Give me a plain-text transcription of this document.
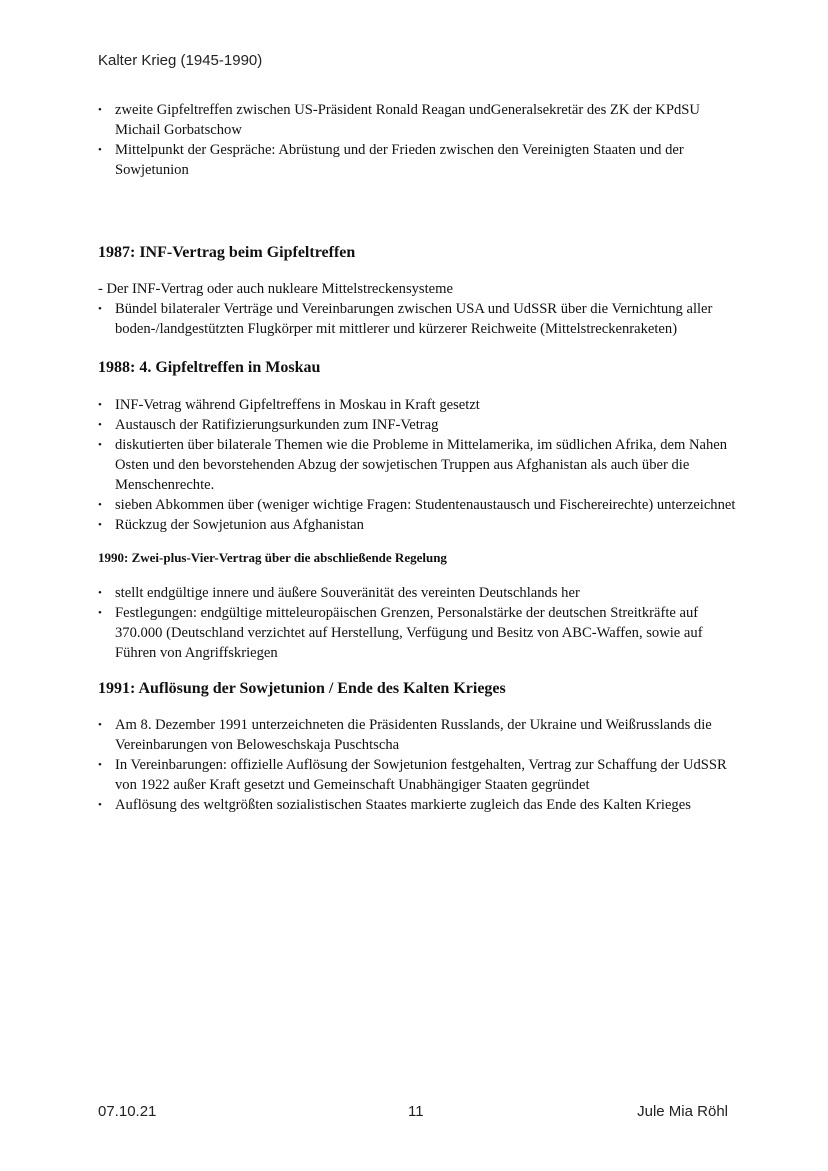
Kalter Krieg (1945-1990)
• zweite Gipfeltreffen zwischen US-Präsident Ronald Reagan undGeneralsekretär des ZK der KPdSU Michail Gorbatschow
• Mittelpunkt der Gespräche: Abrüstung und der Frieden zwischen den Vereinigten Staaten und der Sowjetunion
1987: INF-Vertrag beim Gipfeltreffen

- Der INF-Vertrag oder auch nukleare Mittelstreckensysteme

• Bündel bilateraler Verträge und Vereinbarungen zwischen USA und UdSSR über die Vernichtung aller boden-/landgestützten Flugkörper mit mittlerer und kürzerer Reichweite (Mittelstreckenraketen)
1988: 4. Gipfeltreffen in Moskau
• INF-Vetrag während Gipfeltreffens in Moskau in Kraft gesetzt
• Austausch der Ratifizierungsurkunden zum INF-Vetrag
• diskutierten über bilaterale Themen wie die Probleme in Mittelamerika, im südlichen Afrika, dem Nahen Osten und den bevorstehenden Abzug der sowjetischen Truppen aus Afghanistan als auch über die Menschenrechte.
• sieben Abkommen über (weniger wichtige Fragen: Studentenaustausch und Fischereirechte) unterzeichnet
• Rückzug der Sowjetunion aus Afghanistan
1990: Zwei-plus-Vier-Vertrag über die abschließende Regelung
• stellt endgültige innere und äußere Souveränität des vereinten Deutschlands her
• Festlegungen: endgültige mitteleuropäischen Grenzen, Personalstärke der deutschen Streitkräfte auf 370.000 (Deutschland verzichtet auf Herstellung, Verfügung und Besitz von ABC-Waffen, sowie auf Führen von Angriffskriegen
1991: Auflösung der Sowjetunion / Ende des Kalten Krieges
• Am 8. Dezember 1991 unterzeichneten die Präsidenten Russlands, der Ukraine und Weißrusslands die Vereinbarungen von Beloweschskaja Puschtscha
• In Vereinbarungen: offizielle Auflösung der Sowjetunion festgehalten, Vertrag zur Schaffung der UdSSR von 1922 außer Kraft gesetzt und Gemeinschaft Unabhängiger Staaten gegründet
• Auflösung des weltgrößten sozialistischen Staates markierte zugleich das Ende des Kalten Krieges
07.10.21	11	Jule Mia Röhl
